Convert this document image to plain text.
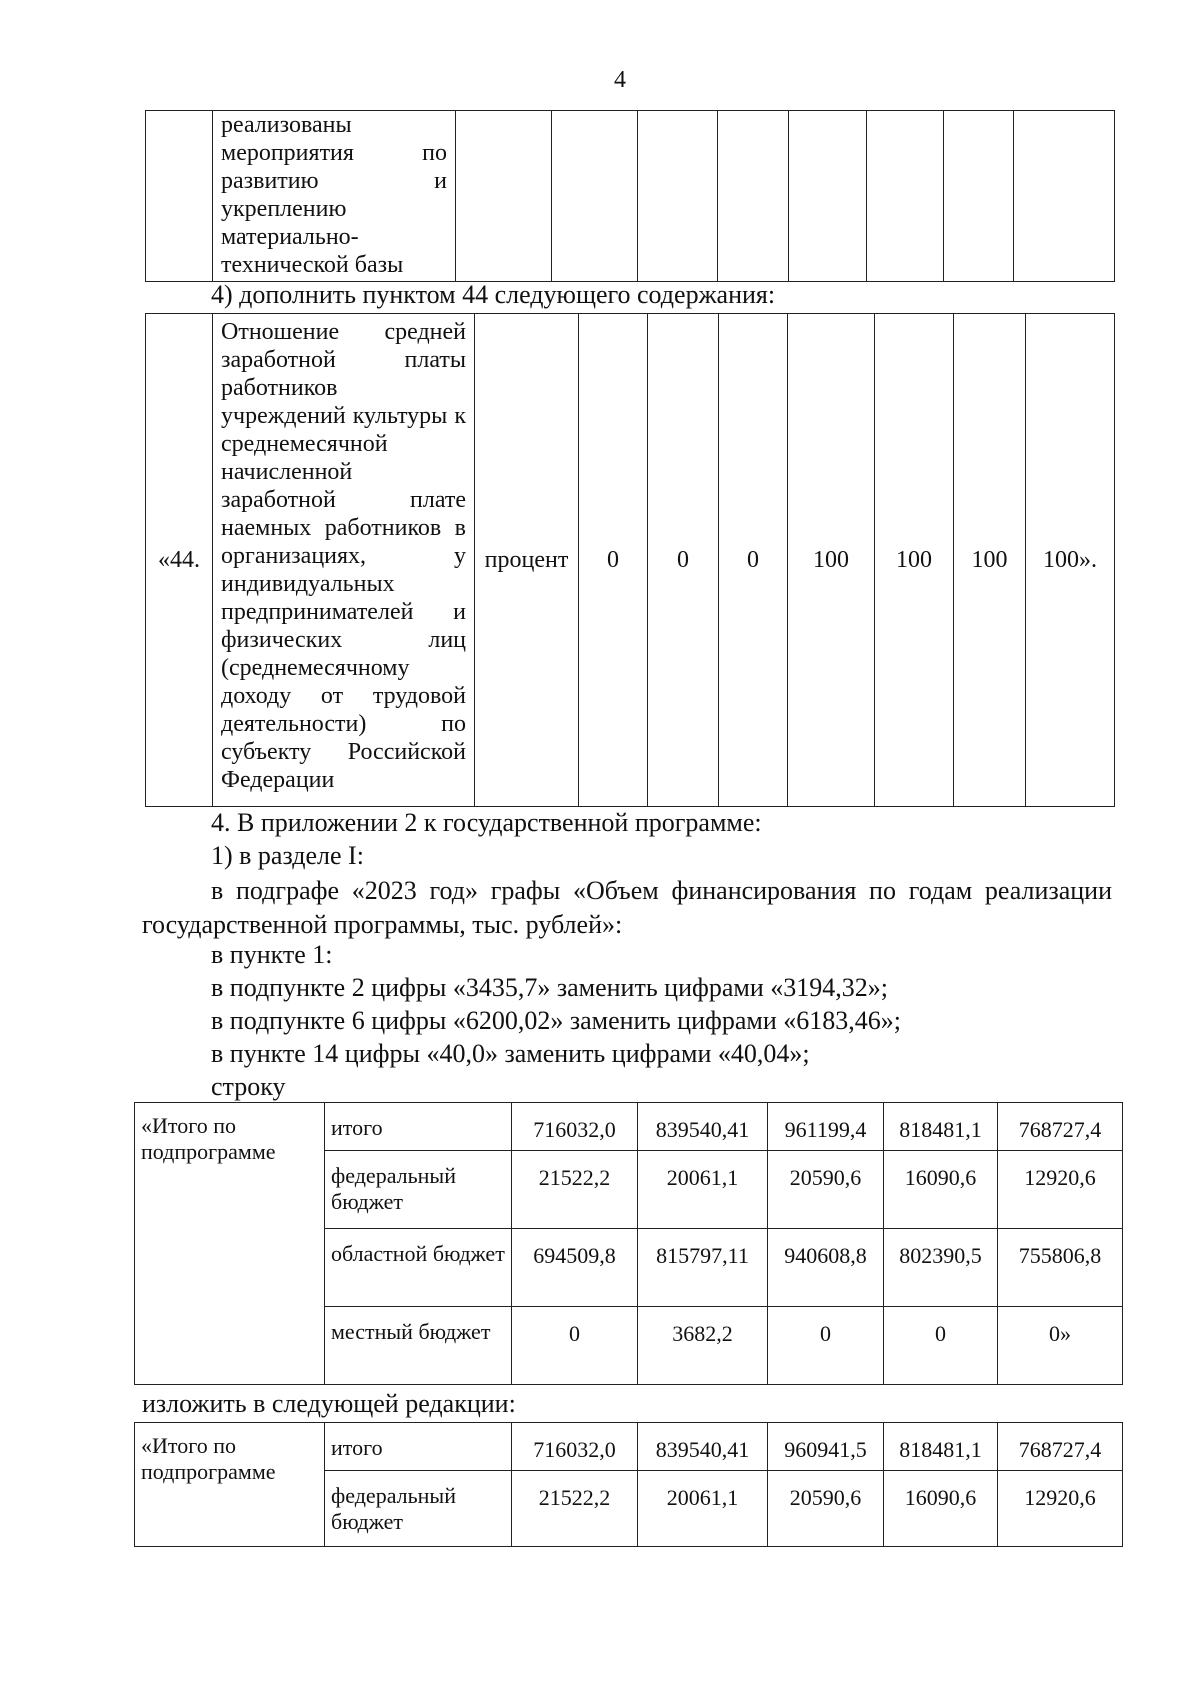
4
	реализованы мероприятия по развитию и укреплению материально-технической базы								
4) дополнить пунктом 44 следующего содержания:
«44.	Отношение средней заработной платы работников учреждений культуры к среднемесячной начисленной заработной плате наемных работников в организациях, у индивидуальных предпринимателей и физических лиц (среднемесячному доходу от трудовой деятельности) по субъекту Российской Федерации	процент	0	0	0	100	100	100	100».
4. В приложении 2 к государственной программе:
1) в разделе I:
в подграфе «2023 год» графы «Объем финансирования по годам реализации государственной программы, тыс. рублей»:
в пункте 1:
в подпункте 2 цифры «3435,7» заменить цифрами «3194,32»;
в подпункте 6 цифры «6200,02» заменить цифрами «6183,46»;
в пункте 14 цифры «40,0» заменить цифрами «40,04»;
строку
«Итого по подпрограмме	итого	716032,0	839540,41	961199,4	818481,1	768727,4
	федеральный бюджет	21522,2	20061,1	20590,6	16090,6	12920,6
	областной бюджет	694509,8	815797,11	940608,8	802390,5	755806,8
	местный бюджет	0	3682,2	0	0	0»
изложить в следующей редакции:
«Итого по подпрограмме	итого	716032,0	839540,41	960941,5	818481,1	768727,4
	федеральный бюджет	21522,2	20061,1	20590,6	16090,6	12920,6
